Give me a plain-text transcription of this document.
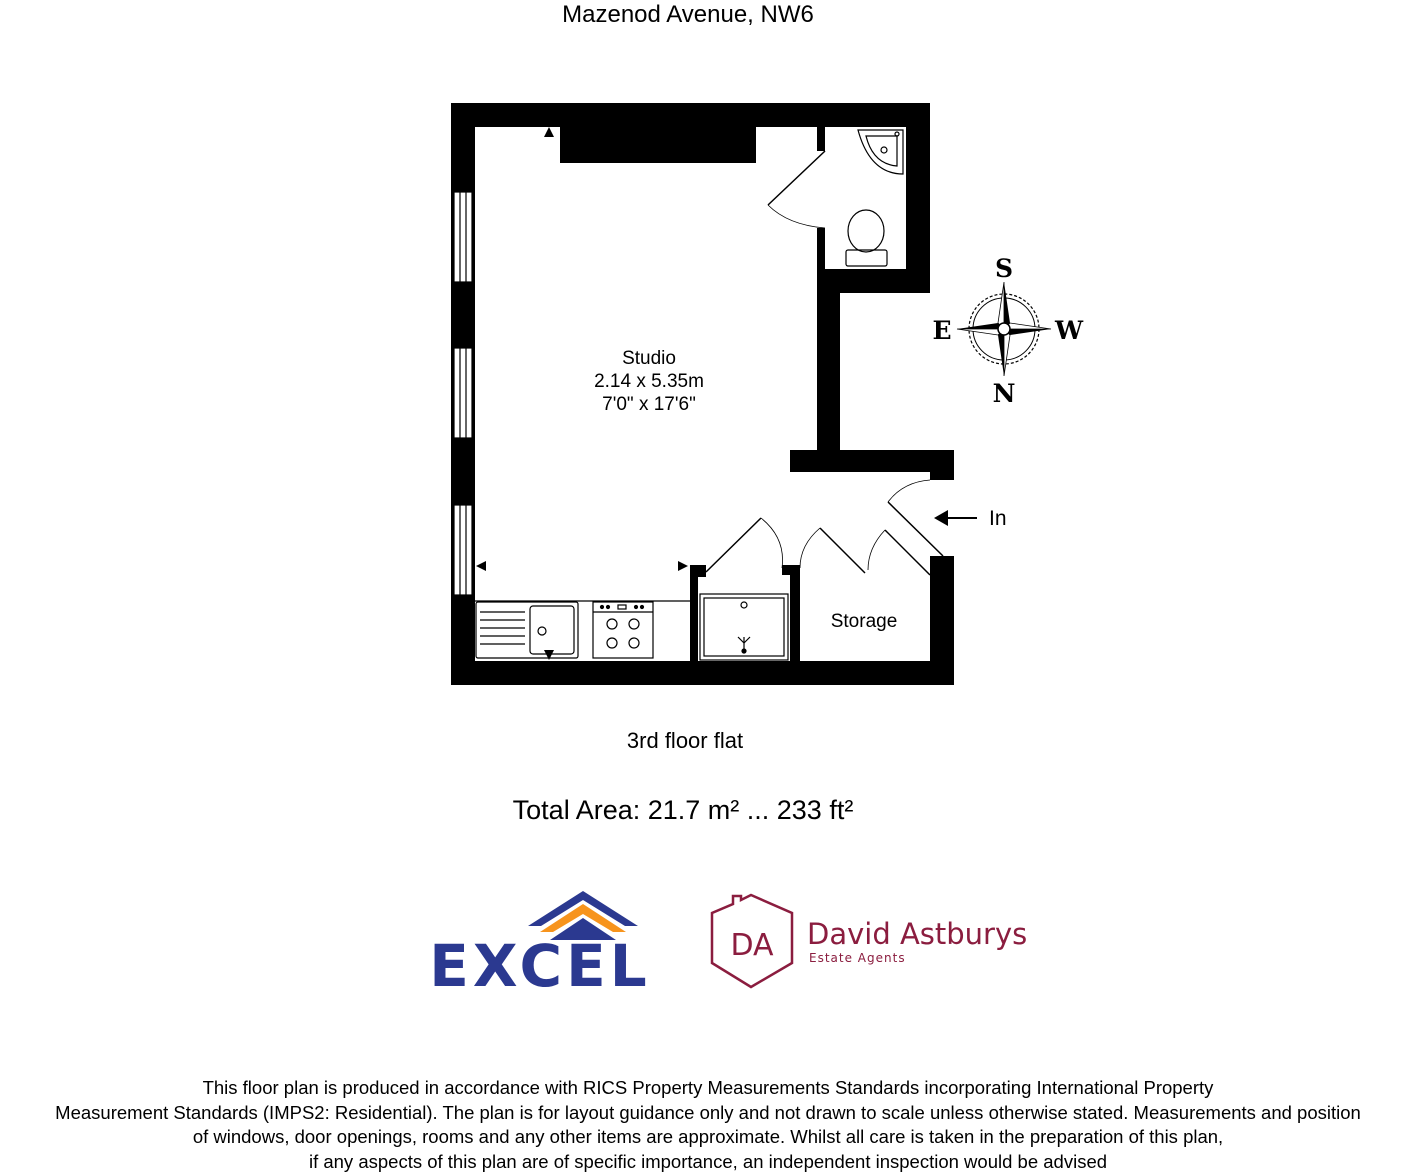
Mazenod Avenue, NW6
In
S
E	W
N
EXCEL	DA David Astburys
Estate Agents
Studio
2.14 x 5.35m
7'0" x 17'6"
Storage
3rd floor flat
Total Area: 21.7 m² ... 233 ft²
This floor plan is produced in accordance with RICS Property Measurements Standards incorporating International Property
Measurement Standards (IMPS2: Residential). The plan is for layout guidance only and not drawn to scale unless otherwise stated. Measurements and position
of windows, door openings, rooms and any other items are approximate. Whilst all care is taken in the preparation of this plan,
if any aspects of this plan are of specific importance, an independent inspection would be advised
